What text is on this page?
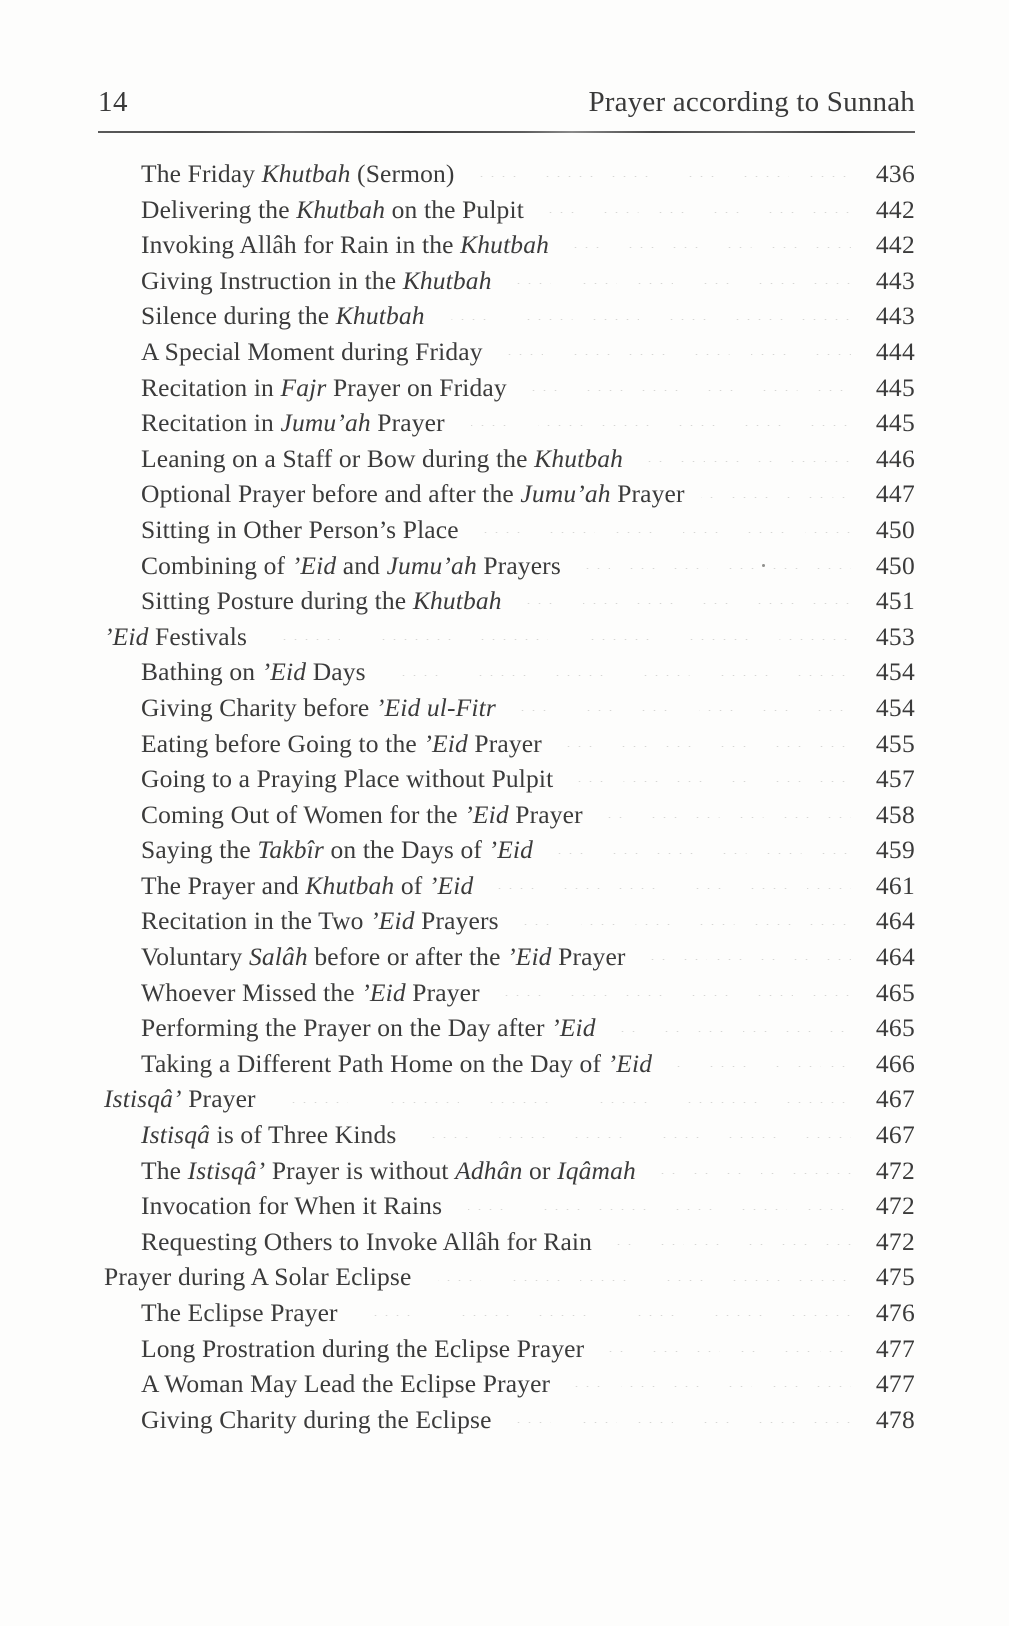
14	Prayer according to Sunnah
The Friday Khutbah (Sermon)	436
Delivering the Khutbah on the Pulpit	442
Invoking Allâh for Rain in the Khutbah	442
Giving Instruction in the Khutbah	443
Silence during the Khutbah	443
A Special Moment during Friday	444
Recitation in Fajr Prayer on Friday	445
Recitation in Jumu’ah Prayer	445
Leaning on a Staff or Bow during the Khutbah	446
Optional Prayer before and after the Jumu’ah Prayer	447
Sitting in Other Person’s Place	450
Combining of ’Eid and Jumu’ah Prayers	450
Sitting Posture during the Khutbah	451
’Eid Festivals	453
Bathing on ’Eid Days	454
Giving Charity before ’Eid ul-Fitr	454
Eating before Going to the ’Eid Prayer	455
Going to a Praying Place without Pulpit	457
Coming Out of Women for the ’Eid Prayer	458
Saying the Takbîr on the Days of ’Eid	459
The Prayer and Khutbah of ’Eid	461
Recitation in the Two ’Eid Prayers	464
Voluntary Salâh before or after the ’Eid Prayer	464
Whoever Missed the ’Eid Prayer	465
Performing the Prayer on the Day after ’Eid	465
Taking a Different Path Home on the Day of ’Eid	466
Istisqâ’ Prayer	467
Istisqâ is of Three Kinds	467
The Istisqâ’ Prayer is without Adhân or Iqâmah	472
Invocation for When it Rains	472
Requesting Others to Invoke Allâh for Rain	472
Prayer during A Solar Eclipse	475
The Eclipse Prayer	476
Long Prostration during the Eclipse Prayer	477
A Woman May Lead the Eclipse Prayer	477
Giving Charity during the Eclipse	478
